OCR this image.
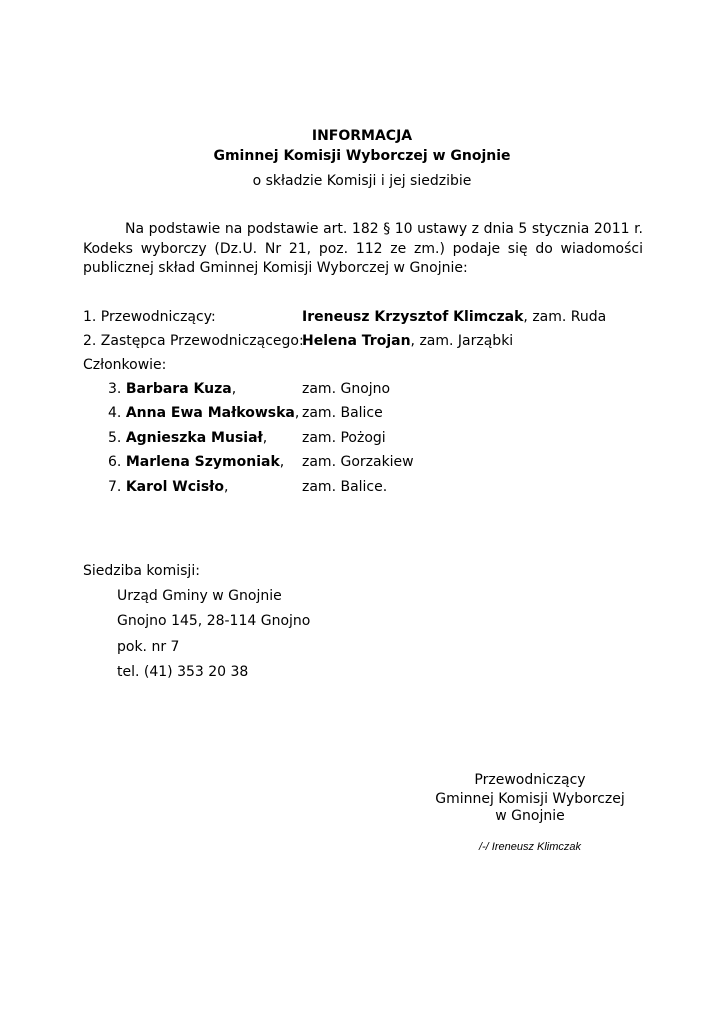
INFORMACJA
Gminnej Komisji Wyborczej w Gnojnie
o składzie Komisji i jej siedzibie

Na podstawie na podstawie art. 182 § 10 ustawy z dnia 5 stycznia 2011 r. Kodeks wyborczy (Dz.U. Nr 21, poz. 112 ze zm.) podaje się do wiadomości publicznej skład Gminnej Komisji Wyborczej w Gnojnie:

1. Przewodniczący:	Ireneusz Krzysztof Klimczak, zam. Ruda
2. Zastępca Przewodniczącego:
Helena Trojan, zam. Jarząbki
Członkowie:
3. Barbara Kuza,	zam. Gnojno
4. Anna Ewa Małkowska, zam. Balice
5. Agnieszka Musiał, zam. Pożogi
6. Marlena Szymoniak, zam. Gorzakiew
7. Karol Wcisło,	zam. Balice.
Siedziba komisji:
Urząd Gminy w Gnojnie
Gnojno 145, 28-114 Gnojno
pok. nr 7
tel. (41) 353 20 38
Przewodniczący
Gminnej Komisji Wyborczej
w Gnojnie
/-/ Ireneusz Klimczak
